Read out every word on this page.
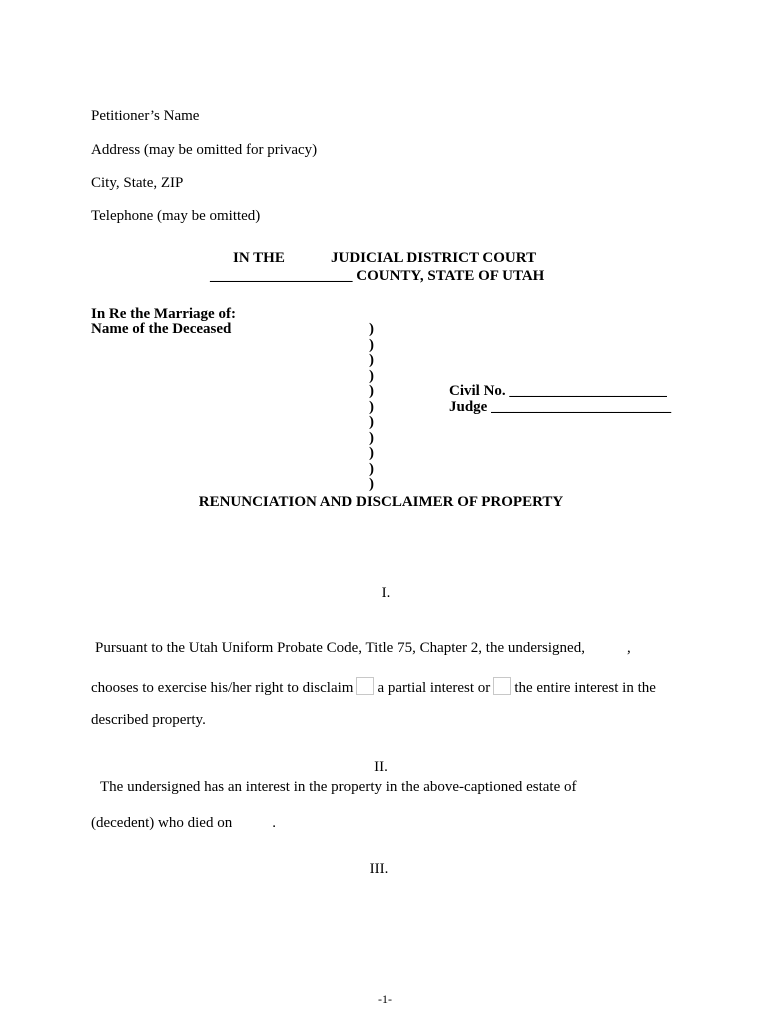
Petitioner’s Name
Address (may be omitted for privacy)
City, State, ZIP
Telephone (may be omitted)
IN THE	JUDICIAL DISTRICT COURT
___________________ COUNTY, STATE OF UTAH
In Re the Marriage of:
Name of the Deceased	)
)
)
)
)
)
)
)
)
)
)
Civil No. _____________________
Judge ________________________
RENUNCIATION AND DISCLAIMER OF PROPERTY
I.
Pursuant to the Utah Uniform Probate Code, Title 75, Chapter 2, the undersigned,	,
chooses to exercise his/her right to disclaim a partial interest or the entire interest in the
described property.
II.
The undersigned has an interest in the property in the above-captioned estate of
(decedent) who died on	.
III.
-1-
